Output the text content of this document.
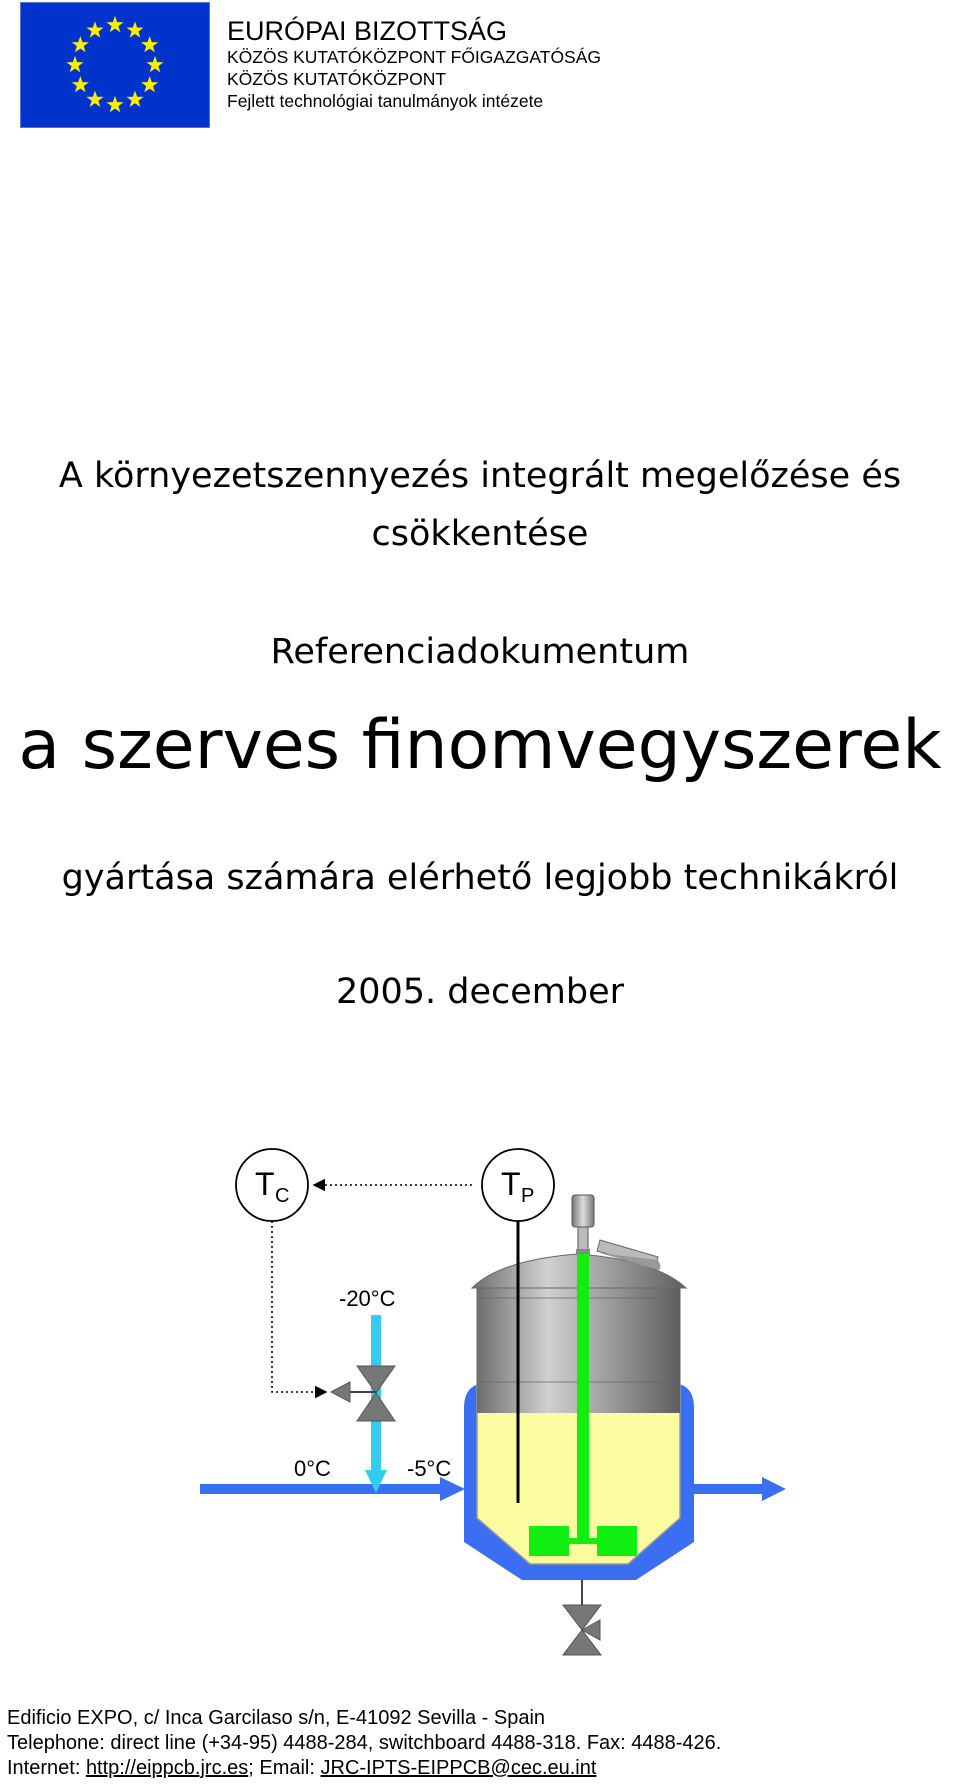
EURÓPAI BIZOTTSÁG
KÖZÖS KUTATÓKÖZPONT FŐIGAZGATÓSÁG
KÖZÖS KUTATÓKÖZPONT
Fejlett technológiai tanulmányok intézete
A környezetszennyezés integrált megelőzése és
csökkentése
Referenciadokumentum
a szerves finomvegyszerek
gyártása számára elérhető legjobb technikákról
2005. december
T C	T P
-20°C
0°C	-5°C
Edificio EXPO, c/ Inca Garcilaso s/n, E-41092 Sevilla - Spain
Telephone: direct line (+34-95) 4488-284, switchboard 4488-318. Fax: 4488-426.
Internet: http://eippcb.jrc.es; Email: JRC-IPTS-EIPPCB@cec.eu.int
